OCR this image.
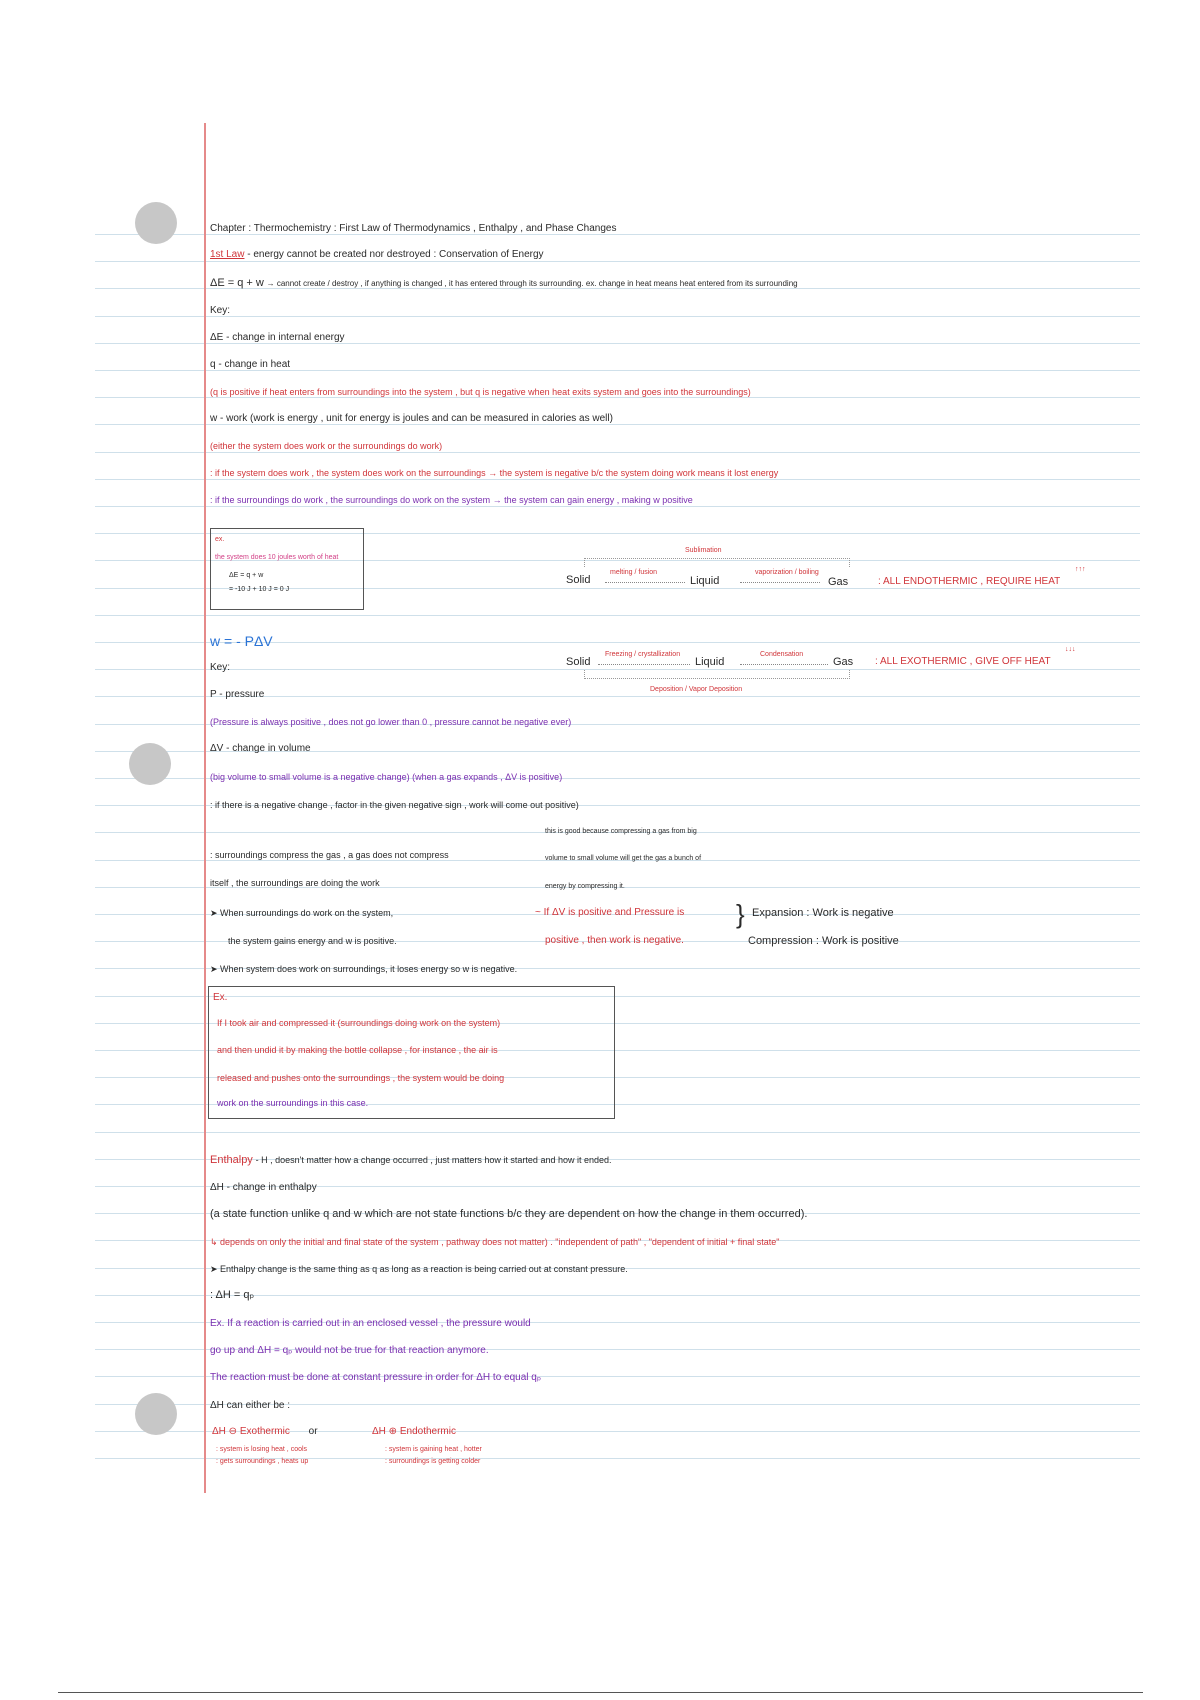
Chapter : Thermochemistry : First Law of Thermodynamics , Enthalpy , and Phase Changes
1st Law - energy cannot be created nor destroyed : Conservation of Energy
ΔE = q + w → cannot create / destroy , if anything is changed , it has entered through its surrounding. ex. change in heat means heat entered from its surrounding
Key:
ΔE - change in internal energy
q - change in heat
(q is positive if heat enters from surroundings into the system , but q is negative when heat exits system and goes into the surroundings)
w - work (work is energy , unit for energy is joules and can be measured in calories as well)
(either the system does work or the surroundings do work)
: if the system does work , the system does work on the surroundings → the system is negative b/c the system doing work means it lost energy
: if the surroundings do work , the surroundings do work on the system → the system can gain energy , making w positive
ex.
the system does 10 joules worth of heat
ΔE = q + w
= -10 J + 10 J = 0 J
Sublimation
melting / fusion	vaporization / boiling
Solid	Liquid	Gas	: ALL ENDOTHERMIC , REQUIRE HEAT
↑↑↑
w = - PΔV
Key:
P - pressure
Freezing / crystallization	Condensation
Solid	Liquid	Gas : ALL EXOTHERMIC , GIVE OFF HEAT
↓↓↓
Deposition / Vapor Deposition
(Pressure is always positive , does not go lower than 0 , pressure cannot be negative ever)
ΔV - change in volume
(big volume to small volume is a negative change) (when a gas expands , ΔV is positive)
: if there is a negative change , factor in the given negative sign , work will come out positive)
this is good because compressing a gas from big
: surroundings compress the gas , a gas does not compress	volume to small volume will get the gas a bunch of
itself , the surroundings are doing the work	energy by compressing it.
➤ When surroundings do work on the system,	~ If ΔV is positive and Pressure is } Expansion : Work is negative
the system gains energy and w is positive.	positive , then work is negative.	Compression : Work is positive
➤ When system does work on surroundings, it loses energy so w is negative.
Ex.
If I took air and compressed it (surroundings doing work on the system)
and then undid it by making the bottle collapse , for instance , the air is
released and pushes onto the surroundings , the system would be doing
work on the surroundings in this case.
Enthalpy - H , doesn't matter how a change occurred , just matters how it started and how it ended.
ΔH - change in enthalpy
(a state function unlike q and w which are not state functions b/c they are dependent on how the change in them occurred).
↳ depends on only the initial and final state of the system , pathway does not matter) . "independent of path" , "dependent of initial + final state"
➤ Enthalpy change is the same thing as q as long as a reaction is being carried out at constant pressure.
: ΔH = qₚ
Ex. If a reaction is carried out in an enclosed vessel , the pressure would
go up and ΔH = qₚ would not be true for that reaction anymore.
The reaction must be done at constant pressure in order for ΔH to equal qₚ
ΔH can either be :
ΔH ⊖ Exothermic or	ΔH ⊕ Endothermic
: system is losing heat , cools
: gets surroundings , heats up
: system is gaining heat , hotter
: surroundings is getting colder
